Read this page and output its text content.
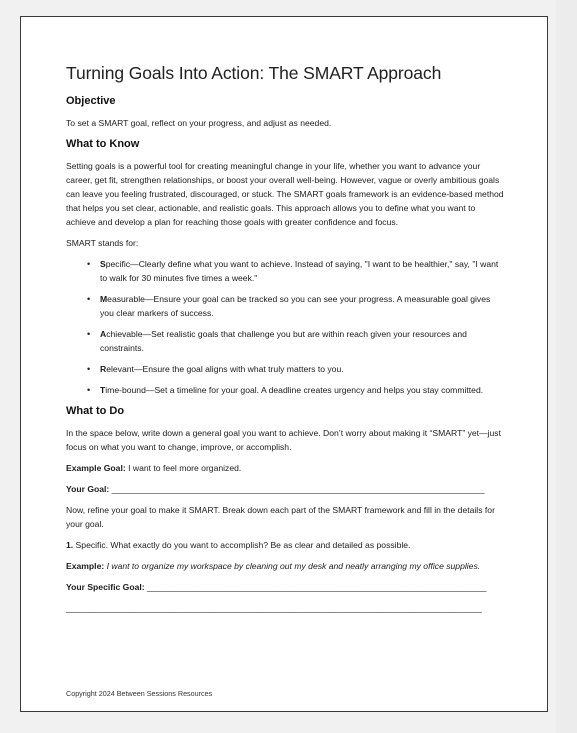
Turning Goals Into Action: The SMART Approach
Objective
To set a SMART goal, reflect on your progress, and adjust as needed.
What to Know
Setting goals is a powerful tool for creating meaningful change in your life, whether you want to advance your career, get fit, strengthen relationships, or boost your overall well-being. However, vague or overly ambitious goals can leave you feeling frustrated, discouraged, or stuck. The SMART goals framework is an evidence-based method that helps you set clear, actionable, and realistic goals. This approach allows you to define what you want to achieve and develop a plan for reaching those goals with greater confidence and focus.
SMART stands for:
• Specific—Clearly define what you want to achieve. Instead of saying, "I want to be healthier," say, "I want to walk for 30 minutes five times a week."
• Measurable—Ensure your goal can be tracked so you can see your progress. A measurable goal gives you clear markers of success.
• Achievable—Set realistic goals that challenge you but are within reach given your resources and constraints.
• Relevant—Ensure the goal aligns with what truly matters to you.
• Time-bound—Set a timeline for your goal. A deadline creates urgency and helps you stay committed.
What to Do
In the space below, write down a general goal you want to achieve. Don’t worry about making it “SMART” yet—just focus on what you want to change, improve, or accomplish.
Example Goal: I want to feel more organized.
Your Goal: ______________________________________________________________________________
Now, refine your goal to make it SMART. Break down each part of the SMART framework and fill in the details for your goal.
1. Specific. What exactly do you want to accomplish? Be as clear and detailed as possible.
Example: I want to organize my workspace by cleaning out my desk and neatly arranging my office supplies.
Your Specific Goal: _______________________________________________________________________
_______________________________________________________________________________________
Copyright 2024 Between Sessions Resources
